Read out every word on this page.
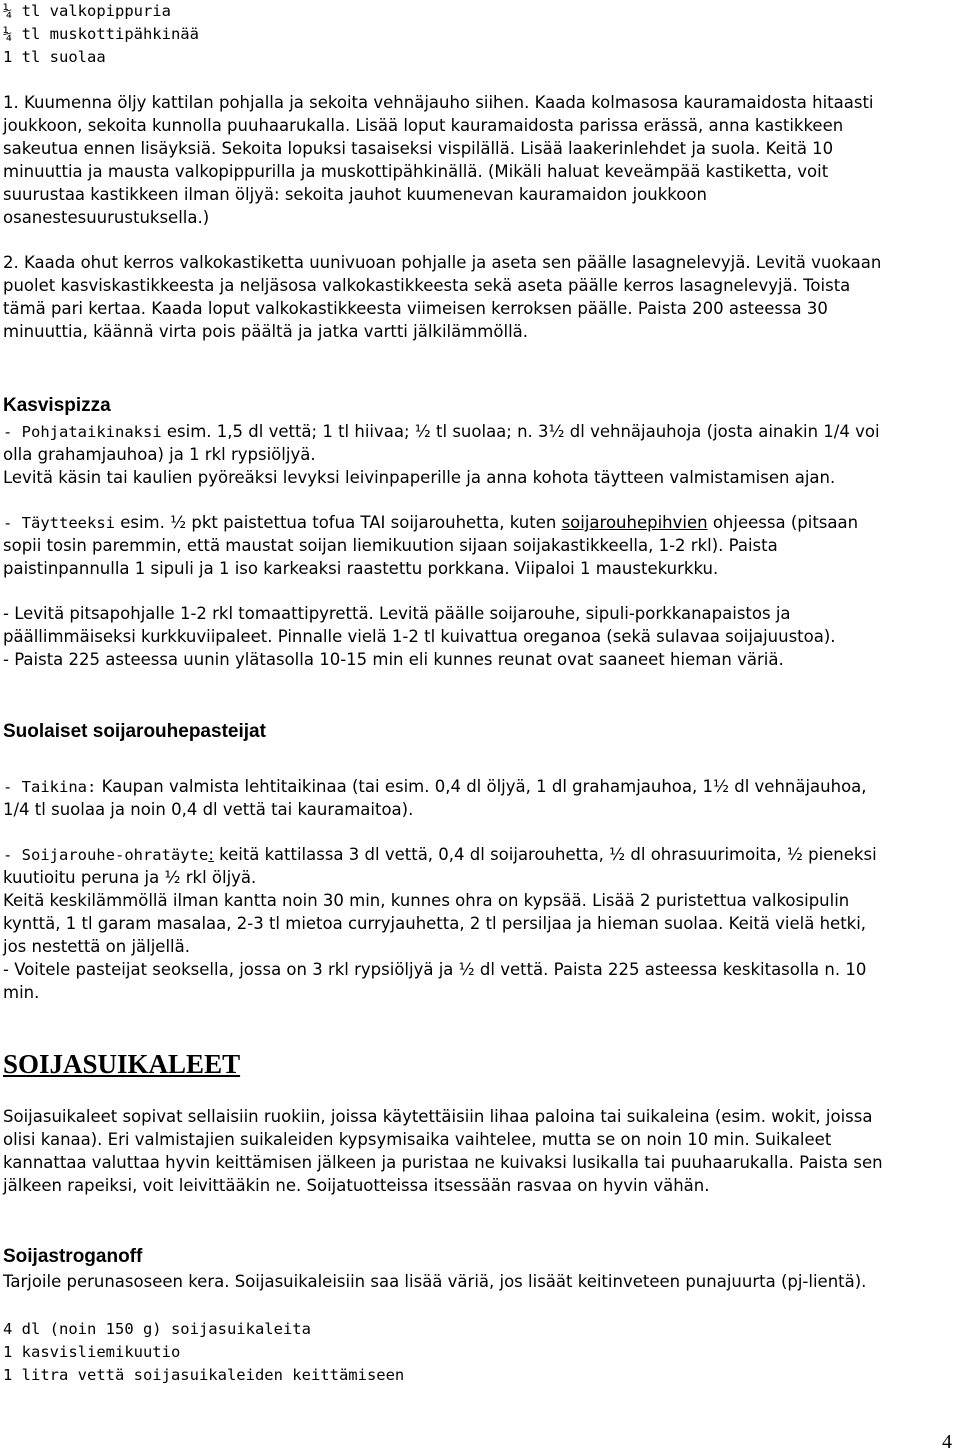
¼ tl valkopippuria
¼ tl muskottipähkinää
1 tl suolaa
1. Kuumenna öljy kattilan pohjalla ja sekoita vehnäjauho siihen. Kaada kolmasosa kauramaidosta hitaasti
joukkoon, sekoita kunnolla puuhaarukalla. Lisää loput kauramaidosta parissa erässä, anna kastikkeen
sakeutua ennen lisäyksiä. Sekoita lopuksi tasaiseksi vispilällä. Lisää laakerinlehdet ja suola. Keitä 10
minuuttia ja mausta valkopippurilla ja muskottipähkinällä. (Mikäli haluat keveämpää kastiketta, voit
suurustaa kastikkeen ilman öljyä: sekoita jauhot kuumenevan kauramaidon joukkoon
osanestesuurustuksella.)
2. Kaada ohut kerros valkokastiketta uunivuoan pohjalle ja aseta sen päälle lasagnelevyjä. Levitä vuokaan
puolet kasviskastikkeesta ja neljäsosa valkokastikkeesta sekä aseta päälle kerros lasagnelevyjä. Toista
tämä pari kertaa. Kaada loput valkokastikkeesta viimeisen kerroksen päälle. Paista 200 asteessa 30
minuuttia, käännä virta pois päältä ja jatka vartti jälkilämmöllä.
Kasvispizza
- Pohjataikinaksi esim. 1,5 dl vettä; 1 tl hiivaa; ½ tl suolaa; n. 3½ dl vehnäjauhoja (josta ainakin 1/4 voi
olla grahamjauhoa) ja 1 rkl rypsiöljyä.
Levitä käsin tai kaulien pyöreäksi levyksi leivinpaperille ja anna kohota täytteen valmistamisen ajan.
- Täytteeksi esim. ½ pkt paistettua tofua TAI soijarouhetta, kuten soijarouhepihvien ohjeessa (pitsaan
sopii tosin paremmin, että maustat soijan liemikuution sijaan soijakastikkeella, 1-2 rkl). Paista
paistinpannulla 1 sipuli ja 1 iso karkeaksi raastettu porkkana. Viipaloi 1 maustekurkku.
- Levitä pitsapohjalle 1-2 rkl tomaattipyrettä. Levitä päälle soijarouhe, sipuli-porkkanapaistos ja
päällimmäiseksi kurkkuviipaleet. Pinnalle vielä 1-2 tl kuivattua oreganoa (sekä sulavaa soijajuustoa).
- Paista 225 asteessa uunin ylätasolla 10-15 min eli kunnes reunat ovat saaneet hieman väriä.
Suolaiset soijarouhepasteijat
- Taikina: Kaupan valmista lehtitaikinaa (tai esim. 0,4 dl öljyä, 1 dl grahamjauhoa, 1½ dl vehnäjauhoa,
1/4 tl suolaa ja noin 0,4 dl vettä tai kauramaitoa).
- Soijarouhe-ohratäyte: keitä kattilassa 3 dl vettä, 0,4 dl soijarouhetta, ½ dl ohrasuurimoita, ½ pieneksi
kuutioitu peruna ja ½ rkl öljyä.
Keitä keskilämmöllä ilman kantta noin 30 min, kunnes ohra on kypsää. Lisää 2 puristettua valkosipulin
kynttä, 1 tl garam masalaa, 2-3 tl mietoa curryjauhetta, 2 tl persiljaa ja hieman suolaa. Keitä vielä hetki,
jos nestettä on jäljellä.
- Voitele pasteijat seoksella, jossa on 3 rkl rypsiöljyä ja ½ dl vettä. Paista 225 asteessa keskitasolla n. 10
min.
SOIJASUIKALEET
Soijasuikaleet sopivat sellaisiin ruokiin, joissa käytettäisiin lihaa paloina tai suikaleina (esim. wokit, joissa
olisi kanaa). Eri valmistajien suikaleiden kypsymisaika vaihtelee, mutta se on noin 10 min. Suikaleet
kannattaa valuttaa hyvin keittämisen jälkeen ja puristaa ne kuivaksi lusikalla tai puuhaarukalla. Paista sen
jälkeen rapeiksi, voit leivittääkin ne. Soijatuotteissa itsessään rasvaa on hyvin vähän.
Soijastroganoff
Tarjoile perunasoseen kera. Soijasuikaleisiin saa lisää väriä, jos lisäät keitinveteen punajuurta (pj-lientä).
4 dl (noin 150 g) soijasuikaleita
1 kasvisliemikuutio
1 litra vettä soijasuikaleiden keittämiseen
4
